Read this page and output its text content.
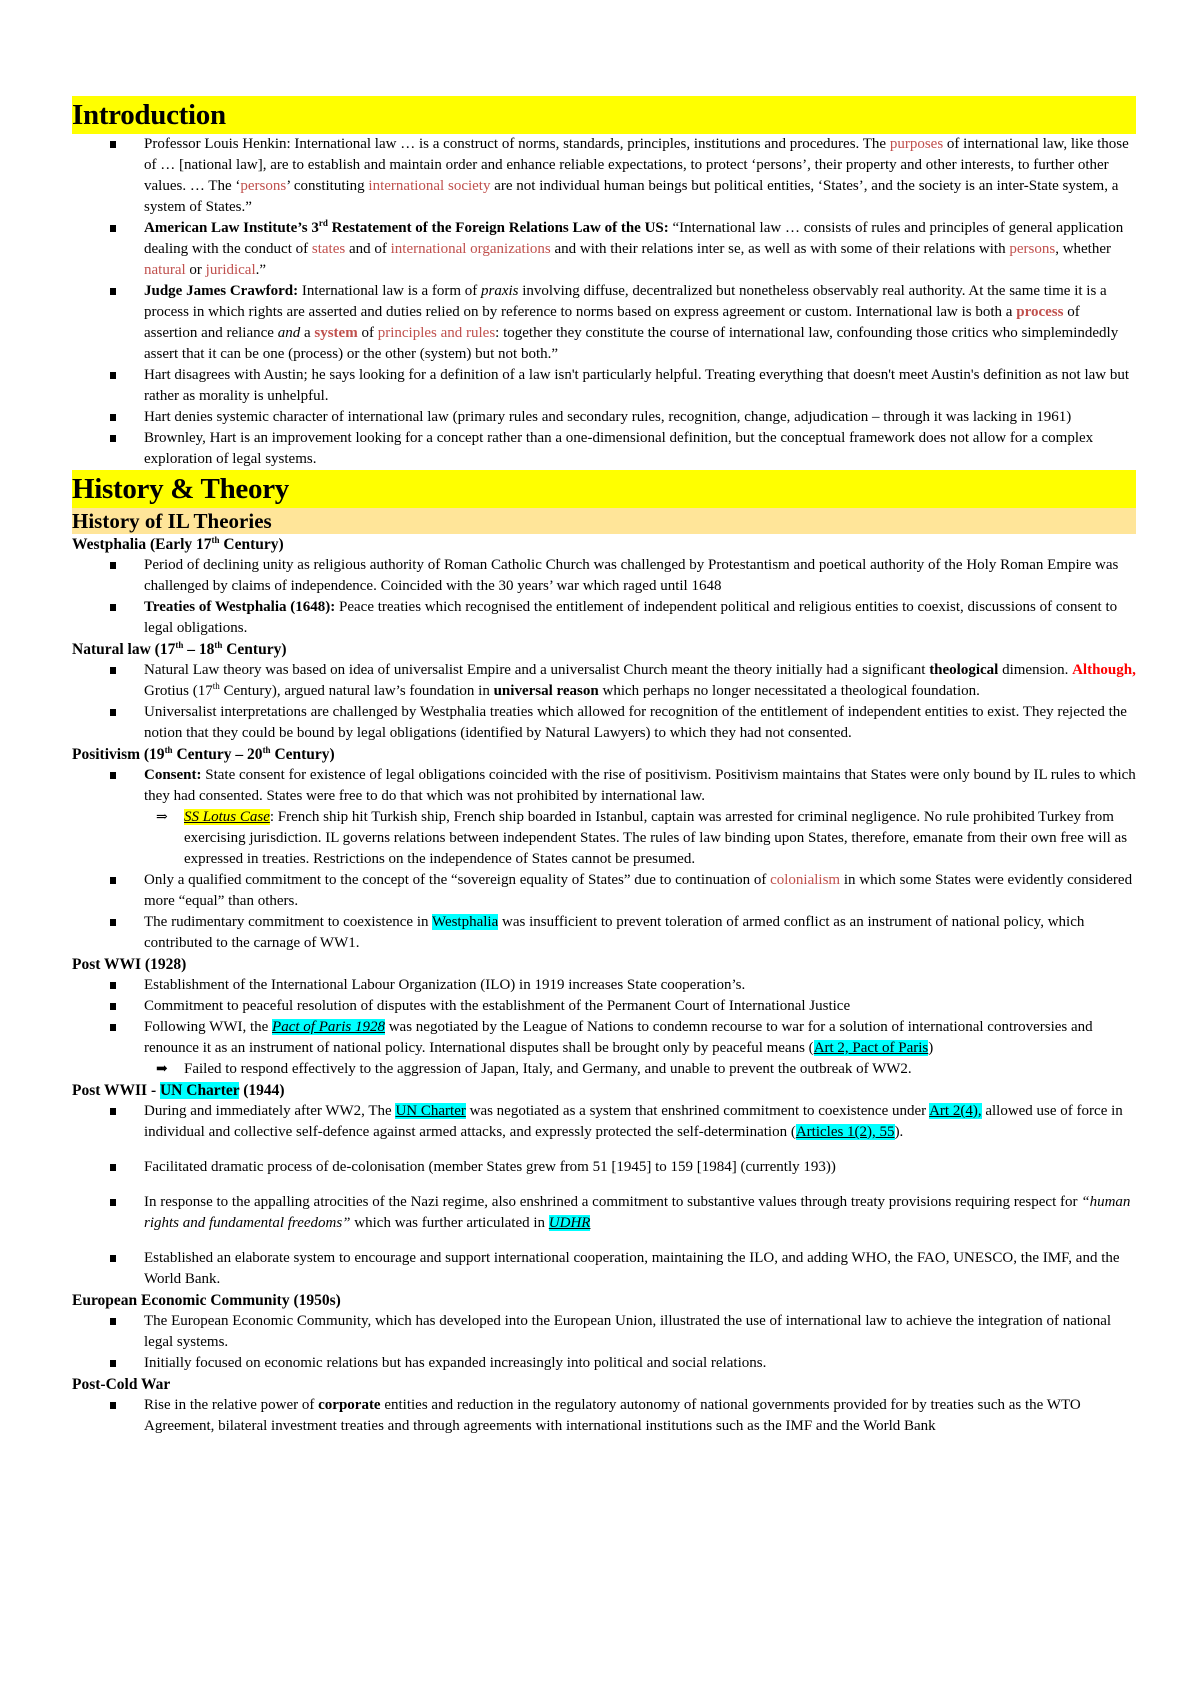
Introduction
Professor Louis Henkin: International law … is a construct of norms, standards, principles, institutions and procedures. The purposes of international law, like those of … [national law], are to establish and maintain order and enhance reliable expectations, to protect ‘persons’, their property and other interests, to further other values. … The ‘persons’ constituting international society are not individual human beings but political entities, ‘States’, and the society is an inter-State system, a system of States.”
American Law Institute’s 3rd Restatement of the Foreign Relations Law of the US: “International law … consists of rules and principles of general application dealing with the conduct of states and of international organizations and with their relations inter se, as well as with some of their relations with persons, whether natural or juridical.”
Judge James Crawford: International law is a form of praxis involving diffuse, decentralized but nonetheless observably real authority. At the same time it is a process in which rights are asserted and duties relied on by reference to norms based on express agreement or custom. International law is both a process of assertion and reliance and a system of principles and rules: together they constitute the course of international law, confounding those critics who simplemindedly assert that it can be one (process) or the other (system) but not both.”
Hart disagrees with Austin; he says looking for a definition of a law isn't particularly helpful. Treating everything that doesn't meet Austin's definition as not law but rather as morality is unhelpful.
Hart denies systemic character of international law (primary rules and secondary rules, recognition, change, adjudication – through it was lacking in 1961)
Brownley, Hart is an improvement looking for a concept rather than a one-dimensional definition, but the conceptual framework does not allow for a complex exploration of legal systems.
History & Theory
History of IL Theories
Westphalia (Early 17th Century)
Period of declining unity as religious authority of Roman Catholic Church was challenged by Protestantism and poetical authority of the Holy Roman Empire was challenged by claims of independence. Coincided with the 30 years’ war which raged until 1648
Treaties of Westphalia (1648): Peace treaties which recognised the entitlement of independent political and religious entities to coexist, discussions of consent to legal obligations.
Natural law (17th – 18th Century)
Natural Law theory was based on idea of universalist Empire and a universalist Church meant the theory initially had a significant theological dimension. Although, Grotius (17th Century), argued natural law’s foundation in universal reason which perhaps no longer necessitated a theological foundation.
Universalist interpretations are challenged by Westphalia treaties which allowed for recognition of the entitlement of independent entities to exist. They rejected the notion that they could be bound by legal obligations (identified by Natural Lawyers) to which they had not consented.
Positivism (19th Century – 20th Century)
Consent: State consent for existence of legal obligations coincided with the rise of positivism. Positivism maintains that States were only bound by IL rules to which they had consented. States were free to do that which was not prohibited by international law.
⇒ SS Lotus Case: French ship hit Turkish ship, French ship boarded in Istanbul, captain was arrested for criminal negligence. No rule prohibited Turkey from exercising jurisdiction. IL governs relations between independent States. The rules of law binding upon States, therefore, emanate from their own free will as expressed in treaties. Restrictions on the independence of States cannot be presumed.
Only a qualified commitment to the concept of the “sovereign equality of States” due to continuation of colonialism in which some States were evidently considered more “equal” than others.
The rudimentary commitment to coexistence in Westphalia was insufficient to prevent toleration of armed conflict as an instrument of national policy, which contributed to the carnage of WW1.
Post WWI (1928)
Establishment of the International Labour Organization (ILO) in 1919 increases State cooperation’s.
Commitment to peaceful resolution of disputes with the establishment of the Permanent Court of International Justice
Following WWI, the Pact of Paris 1928 was negotiated by the League of Nations to condemn recourse to war for a solution of international controversies and renounce it as an instrument of national policy. International disputes shall be brought only by peaceful means (Art 2, Pact of Paris)
➡ Failed to respond effectively to the aggression of Japan, Italy, and Germany, and unable to prevent the outbreak of WW2.
Post WWII - UN Charter (1944)
During and immediately after WW2, The UN Charter was negotiated as a system that enshrined commitment to coexistence under Art 2(4), allowed use of force in individual and collective self-defence against armed attacks, and expressly protected the self-determination (Articles 1(2), 55).
Facilitated dramatic process of de-colonisation (member States grew from 51 [1945] to 159 [1984] (currently 193))
In response to the appalling atrocities of the Nazi regime, also enshrined a commitment to substantive values through treaty provisions requiring respect for “human rights and fundamental freedoms” which was further articulated in UDHR
Established an elaborate system to encourage and support international cooperation, maintaining the ILO, and adding WHO, the FAO, UNESCO, the IMF, and the World Bank.
European Economic Community (1950s)
The European Economic Community, which has developed into the European Union, illustrated the use of international law to achieve the integration of national legal systems.
Initially focused on economic relations but has expanded increasingly into political and social relations.
Post-Cold War
Rise in the relative power of corporate entities and reduction in the regulatory autonomy of national governments provided for by treaties such as the WTO Agreement, bilateral investment treaties and through agreements with international institutions such as the IMF and the World Bank
